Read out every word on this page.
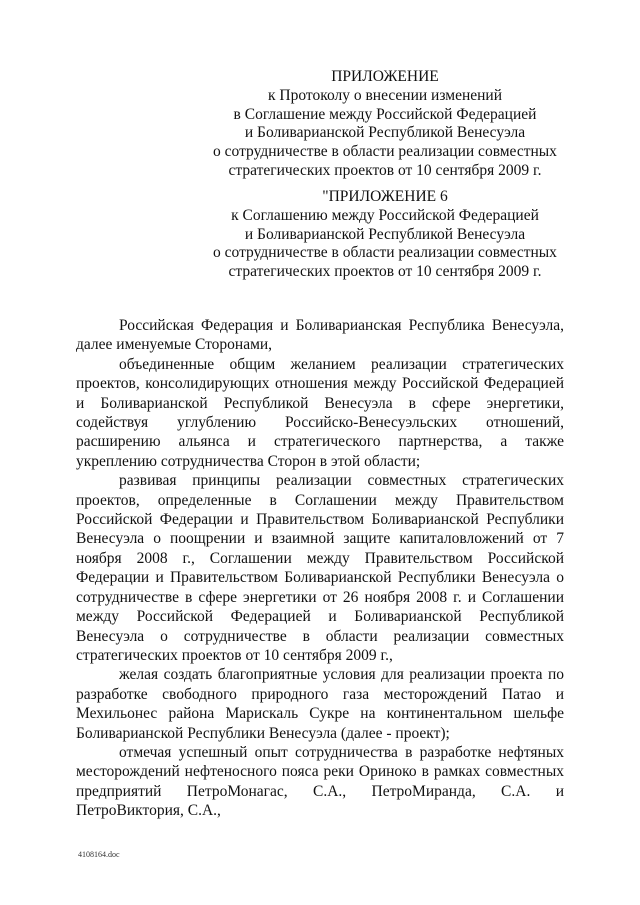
ПРИЛОЖЕНИЕ
к Протоколу о внесении изменений
в Соглашение между Российской Федерацией
и Боливарианской Республикой Венесуэла
о сотрудничестве в области реализации совместных
стратегических проектов от 10 сентября 2009 г.
"ПРИЛОЖЕНИЕ 6
к Соглашению между Российской Федерацией
и Боливарианской Республикой Венесуэла
о сотрудничестве в области реализации совместных
стратегических проектов от 10 сентября 2009 г.

Российская Федерация и Боливарианская Республика Венесуэла, далее именуемые Сторонами,

объединенные общим желанием реализации стратегических проектов, консолидирующих отношения между Российской Федерацией и Боливарианской Республикой Венесуэла в сфере энергетики, содействуя углублению Российско-Венесуэльских отношений, расширению альянса и стратегического партнерства, а также укреплению сотрудничества Сторон в этой области;

развивая принципы реализации совместных стратегических проектов, определенные в Соглашении между Правительством Российской Федерации и Правительством Боливарианской Республики Венесуэла о поощрении и взаимной защите капиталовложений от 7 ноября 2008 г., Соглашении между Правительством Российской Федерации и Правительством Боливарианской Республики Венесуэла о сотрудничестве в сфере энергетики от 26 ноября 2008 г. и Соглашении между Российской Федерацией и Боливарианской Республикой Венесуэла о сотрудничестве в области реализации совместных стратегических проектов от 10 сентября 2009 г.,

желая создать благоприятные условия для реализации проекта по разработке свободного природного газа месторождений Патао и Мехильонес района Марискаль Сукре на континентальном шельфе Боливарианской Республики Венесуэла (далее - проект);

отмечая успешный опыт сотрудничества в разработке нефтяных месторождений нефтеносного пояса реки Ориноко в рамках совместных предприятий ПетроМонагас, С.А., ПетроМиранда, С.А. и ПетроВиктория, С.А.,

4108164.doc
